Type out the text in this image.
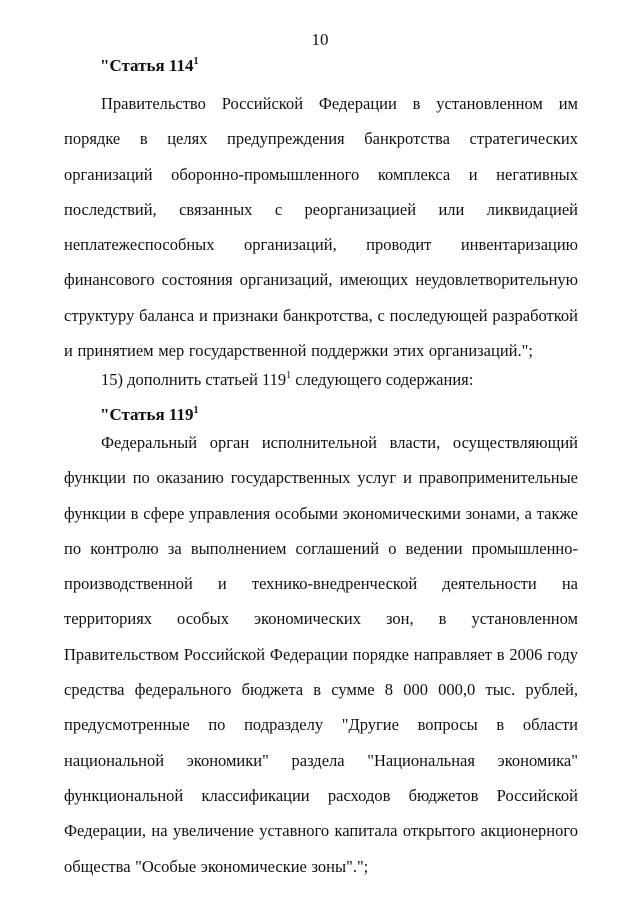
10
"Статья $114^1$

Правительство Российской Федерации в установленном им порядке в целях предупреждения банкротства стратегических организаций оборонно-промышленного комплекса и негативных последствий, связанных с реорганизацией или ликвидацией неплатежеспособных организаций, проводит инвентаризацию финансового состояния организаций, имеющих неудовлетворительную структуру баланса и признаки банкротства, с последующей разработкой и принятием мер государственной поддержки этих организаций.";

15) дополнить статьей $119^1$ следующего содержания:
"Статья $119^1$

Федеральный орган исполнительной власти, осуществляющий функции по оказанию государственных услуг и правоприменительные функции в сфере управления особыми экономическими зонами, а также по контролю за выполнением соглашений о ведении промышленно-производственной и технико-внедренческой деятельности на территориях особых экономических зон, в установленном Правительством Российской Федерации порядке направляет в 2006 году средства федерального бюджета в сумме 8 000 000,0 тыс. рублей, предусмотренные по подразделу "Другие вопросы в области национальной экономики" раздела "Национальная экономика" функциональной классификации расходов бюджетов Российской Федерации, на увеличение уставного капитала открытого акционерного общества "Особые экономические зоны".";
